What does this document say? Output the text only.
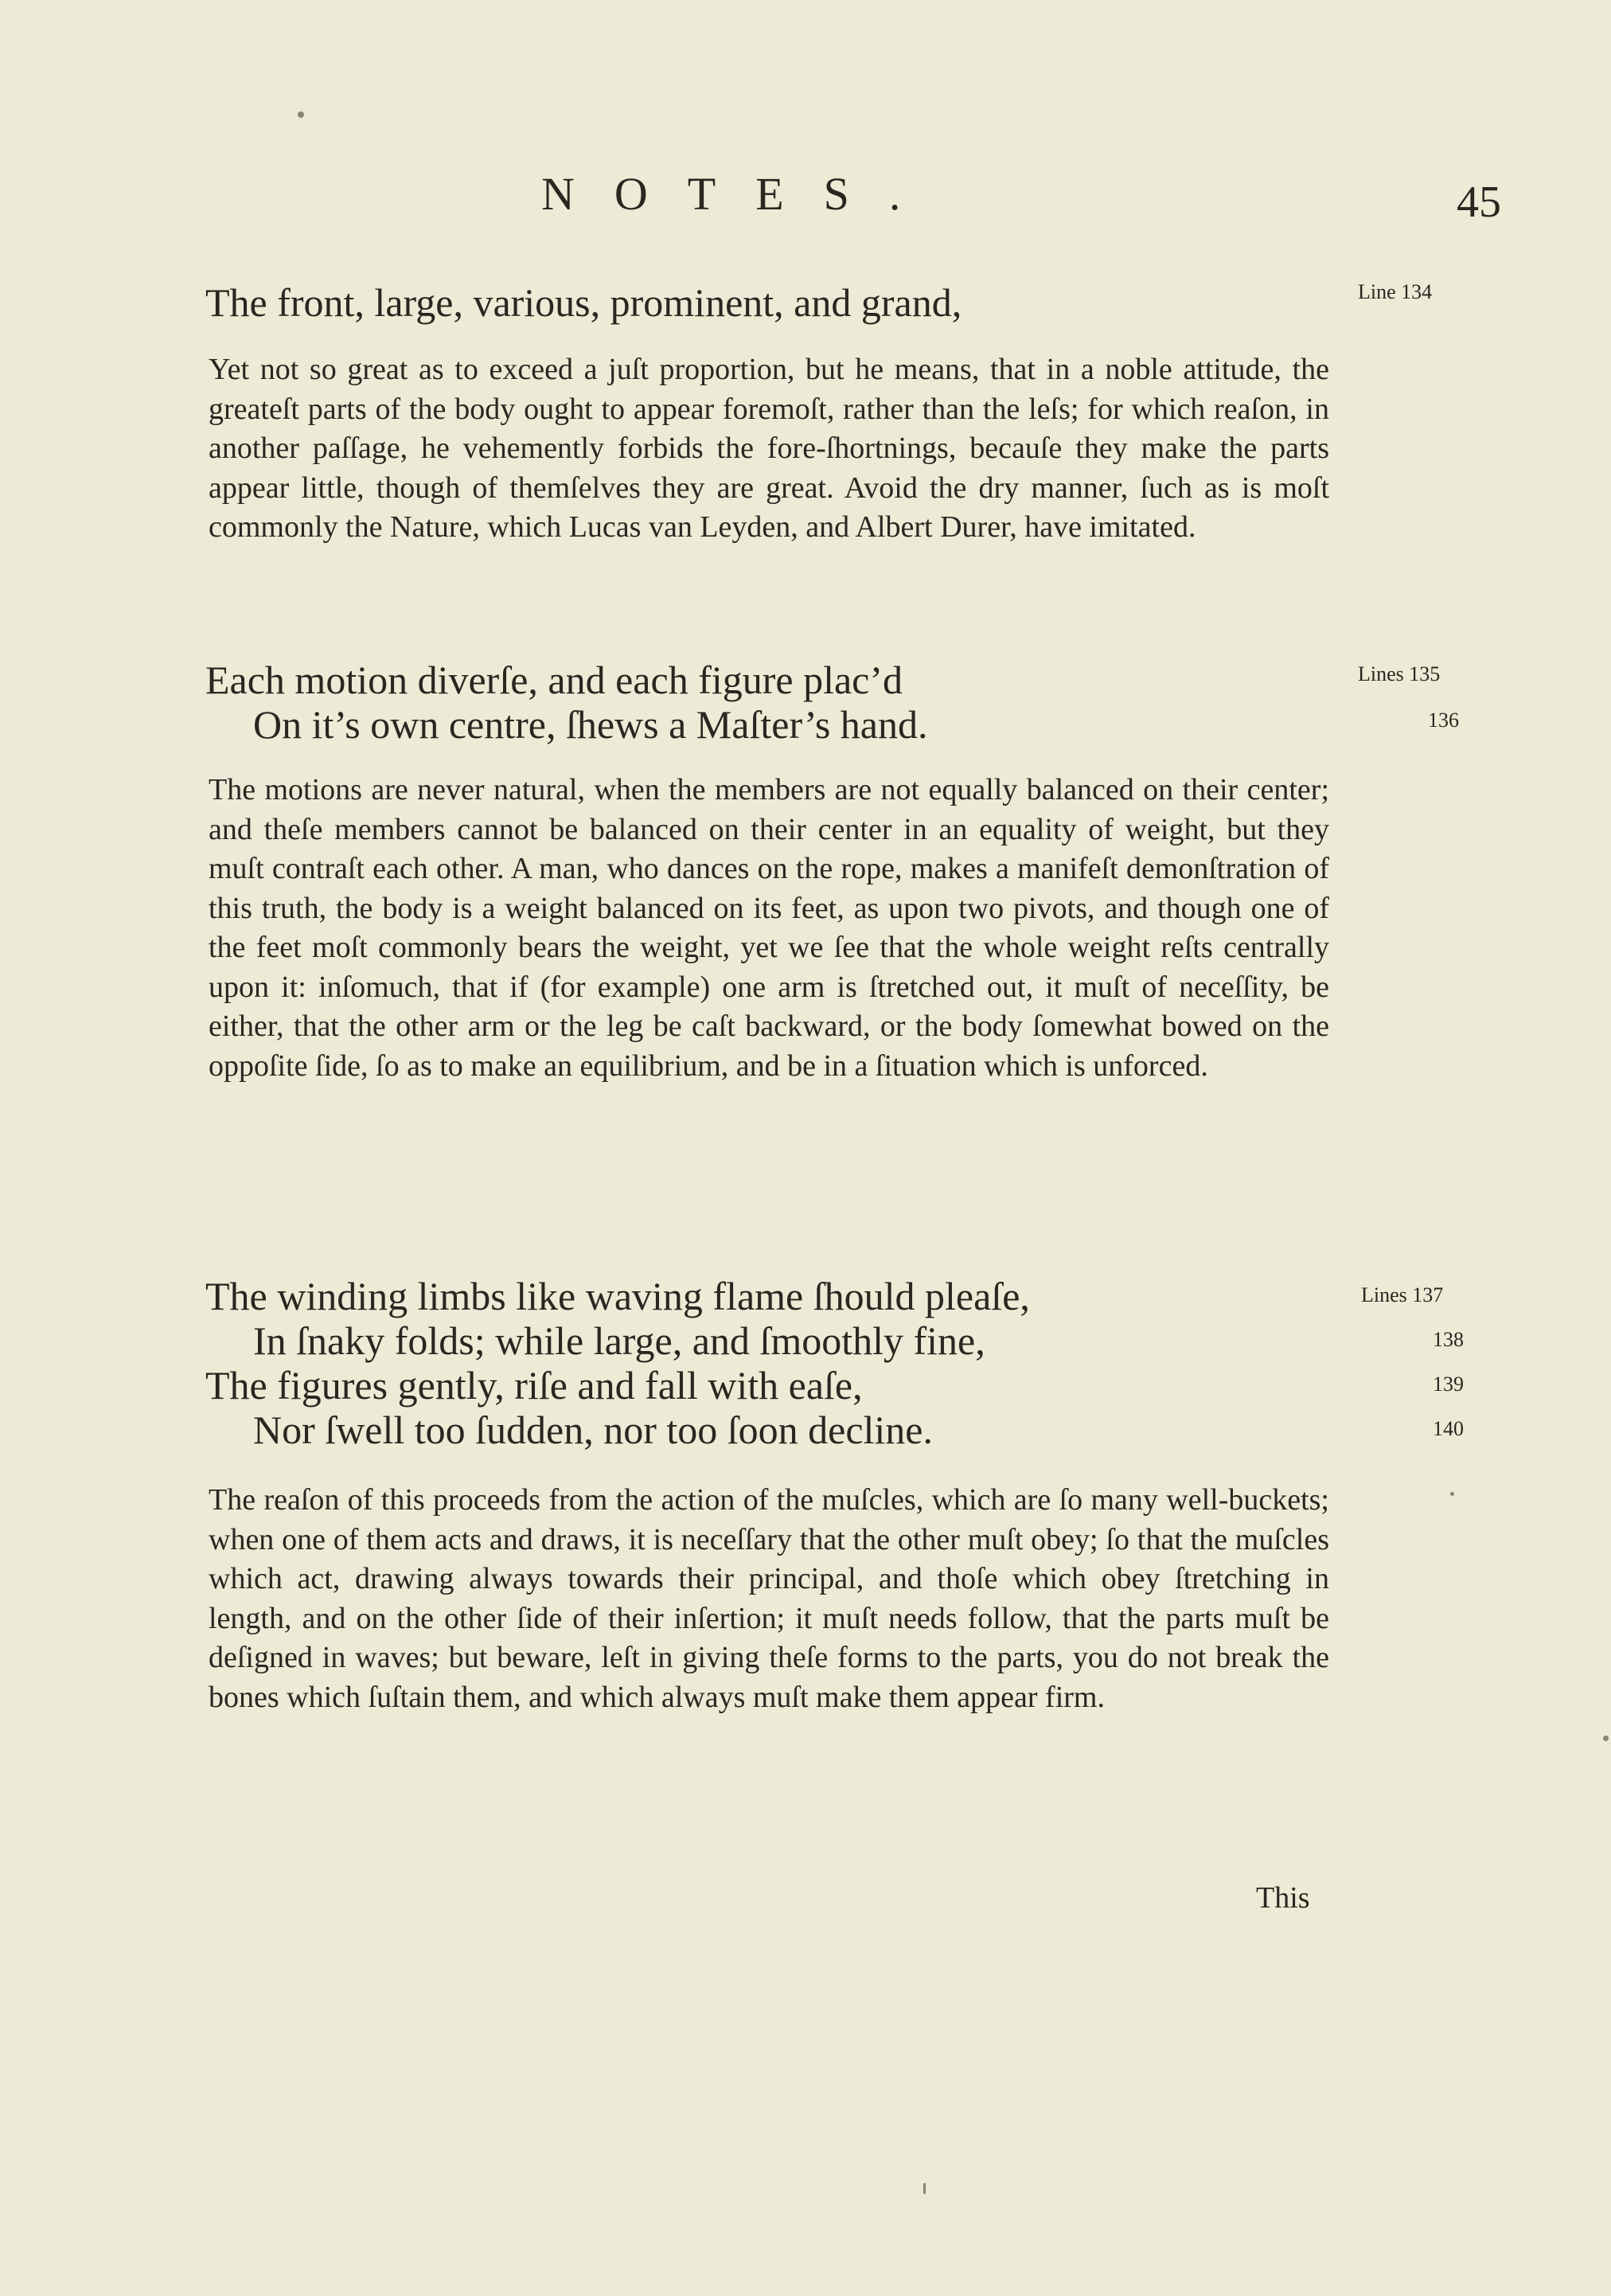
NOTES.	45
The front, large, various, prominent, and grand,	Line 134

Yet not so great as to exceed a juſt proportion, but he means, that in a noble attitude, the greateſt parts of the body ought to appear foremoſt, rather than the leſs; for which reaſon, in another paſſage, he vehemently forbids the fore-ſhortnings, becauſe they make the parts appear little, though of themſelves they are great. Avoid the dry manner, ſuch as is moſt commonly the Nature, which Lucas van Leyden, and Albert Durer, have imitated.

Each motion diverſe, and each figure plac’d	Lines 135
On it’s own centre, ſhews a Maſter’s hand.	136

The motions are never natural, when the members are not equally balanced on their center; and theſe members cannot be balanced on their center in an equality of weight, but they muſt contraſt each other. A man, who dances on the rope, makes a manifeſt demonſtration of this truth, the body is a weight balanced on its feet, as upon two pivots, and though one of the feet moſt commonly bears the weight, yet we ſee that the whole weight reſts centrally upon it: inſomuch, that if (for example) one arm is ſtretched out, it muſt of neceſſity, be either, that the other arm or the leg be caſt backward, or the body ſomewhat bowed on the oppoſite ſide, ſo as to make an equilibrium, and be in a ſituation which is unforced.

The winding limbs like waving flame ſhould pleaſe,	Lines 137
In ſnaky folds; while large, and ſmoothly fine,	138
The figures gently, riſe and fall with eaſe,	139
Nor ſwell too ſudden, nor too ſoon decline.	140

The reaſon of this proceeds from the action of the muſcles, which are ſo many well-buckets; when one of them acts and draws, it is neceſſary that the other muſt obey; ſo that the muſcles which act, drawing always towards their principal, and thoſe which obey ſtretching in length, and on the other ſide of their inſertion; it muſt needs follow, that the parts muſt be deſigned in waves; but beware, leſt in giving theſe forms to the parts, you do not break the bones which ſuſtain them, and which always muſt make them appear firm.

This
